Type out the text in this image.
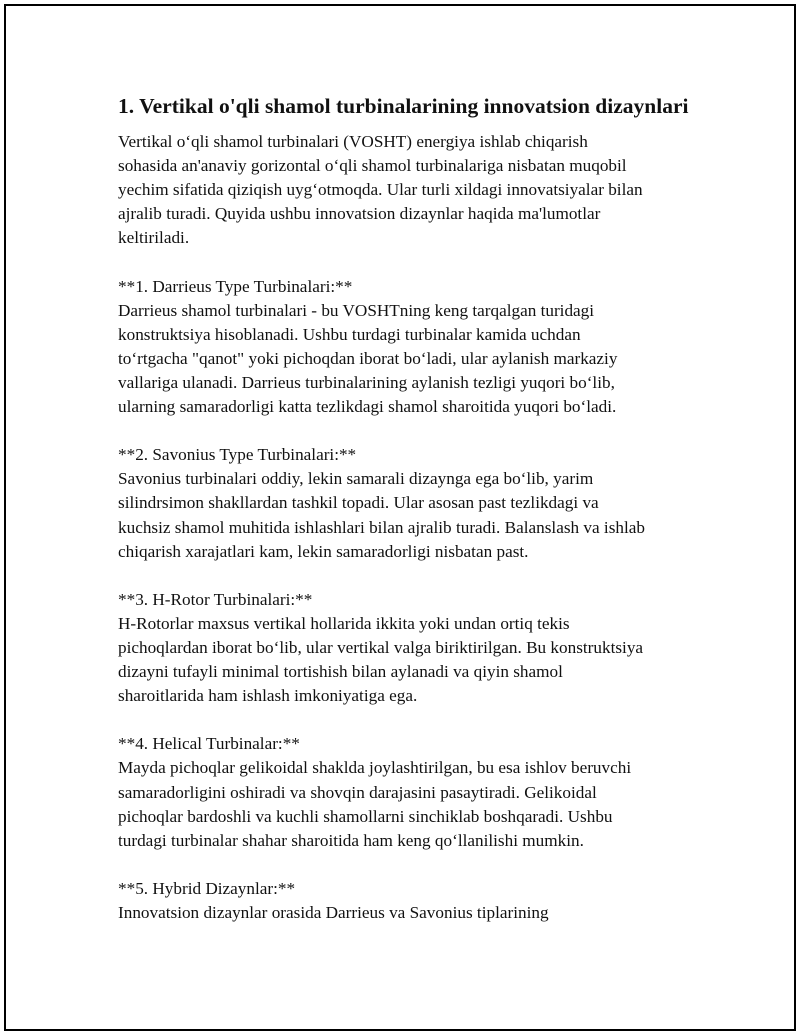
1. Vertikal o'qli shamol turbinalarining innovatsion dizaynlari
Vertikal o‘qli shamol turbinalari (VOSHT) energiya ishlab chiqarish
sohasida an'anaviy gorizontal o‘qli shamol turbinalariga nisbatan muqobil
yechim sifatida qiziqish uyg‘otmoqda. Ular turli xildagi innovatsiyalar bilan
ajralib turadi. Quyida ushbu innovatsion dizaynlar haqida ma'lumotlar
keltiriladi.
**1. Darrieus Type Turbinalari:**
Darrieus shamol turbinalari - bu VOSHTning keng tarqalgan turidagi
konstruktsiya hisoblanadi. Ushbu turdagi turbinalar kamida uchdan
to‘rtgacha "qanot" yoki pichoqdan iborat bo‘ladi, ular aylanish markaziy
vallariga ulanadi. Darrieus turbinalarining aylanish tezligi yuqori bo‘lib,
ularning samaradorligi katta tezlikdagi shamol sharoitida yuqori bo‘ladi.
**2. Savonius Type Turbinalari:**
Savonius turbinalari oddiy, lekin samarali dizaynga ega bo‘lib, yarim
silindrsimon shakllardan tashkil topadi. Ular asosan past tezlikdagi va
kuchsiz shamol muhitida ishlashlari bilan ajralib turadi. Balanslash va ishlab
chiqarish xarajatlari kam, lekin samaradorligi nisbatan past.
**3. H-Rotor Turbinalari:**
H-Rotorlar maxsus vertikal hollarida ikkita yoki undan ortiq tekis
pichoqlardan iborat bo‘lib, ular vertikal valga biriktirilgan. Bu konstruktsiya
dizayni tufayli minimal tortishish bilan aylanadi va qiyin shamol
sharoitlarida ham ishlash imkoniyatiga ega.
**4. Helical Turbinalar:**
Mayda pichoqlar gelikoidal shaklda joylashtirilgan, bu esa ishlov beruvchi
samaradorligini oshiradi va shovqin darajasini pasaytiradi. Gelikoidal
pichoqlar bardoshli va kuchli shamollarni sinchiklab boshqaradi. Ushbu
turdagi turbinalar shahar sharoitida ham keng qo‘llanilishi mumkin.
**5. Hybrid Dizaynlar:**
Innovatsion dizaynlar orasida Darrieus va Savonius tiplarining
